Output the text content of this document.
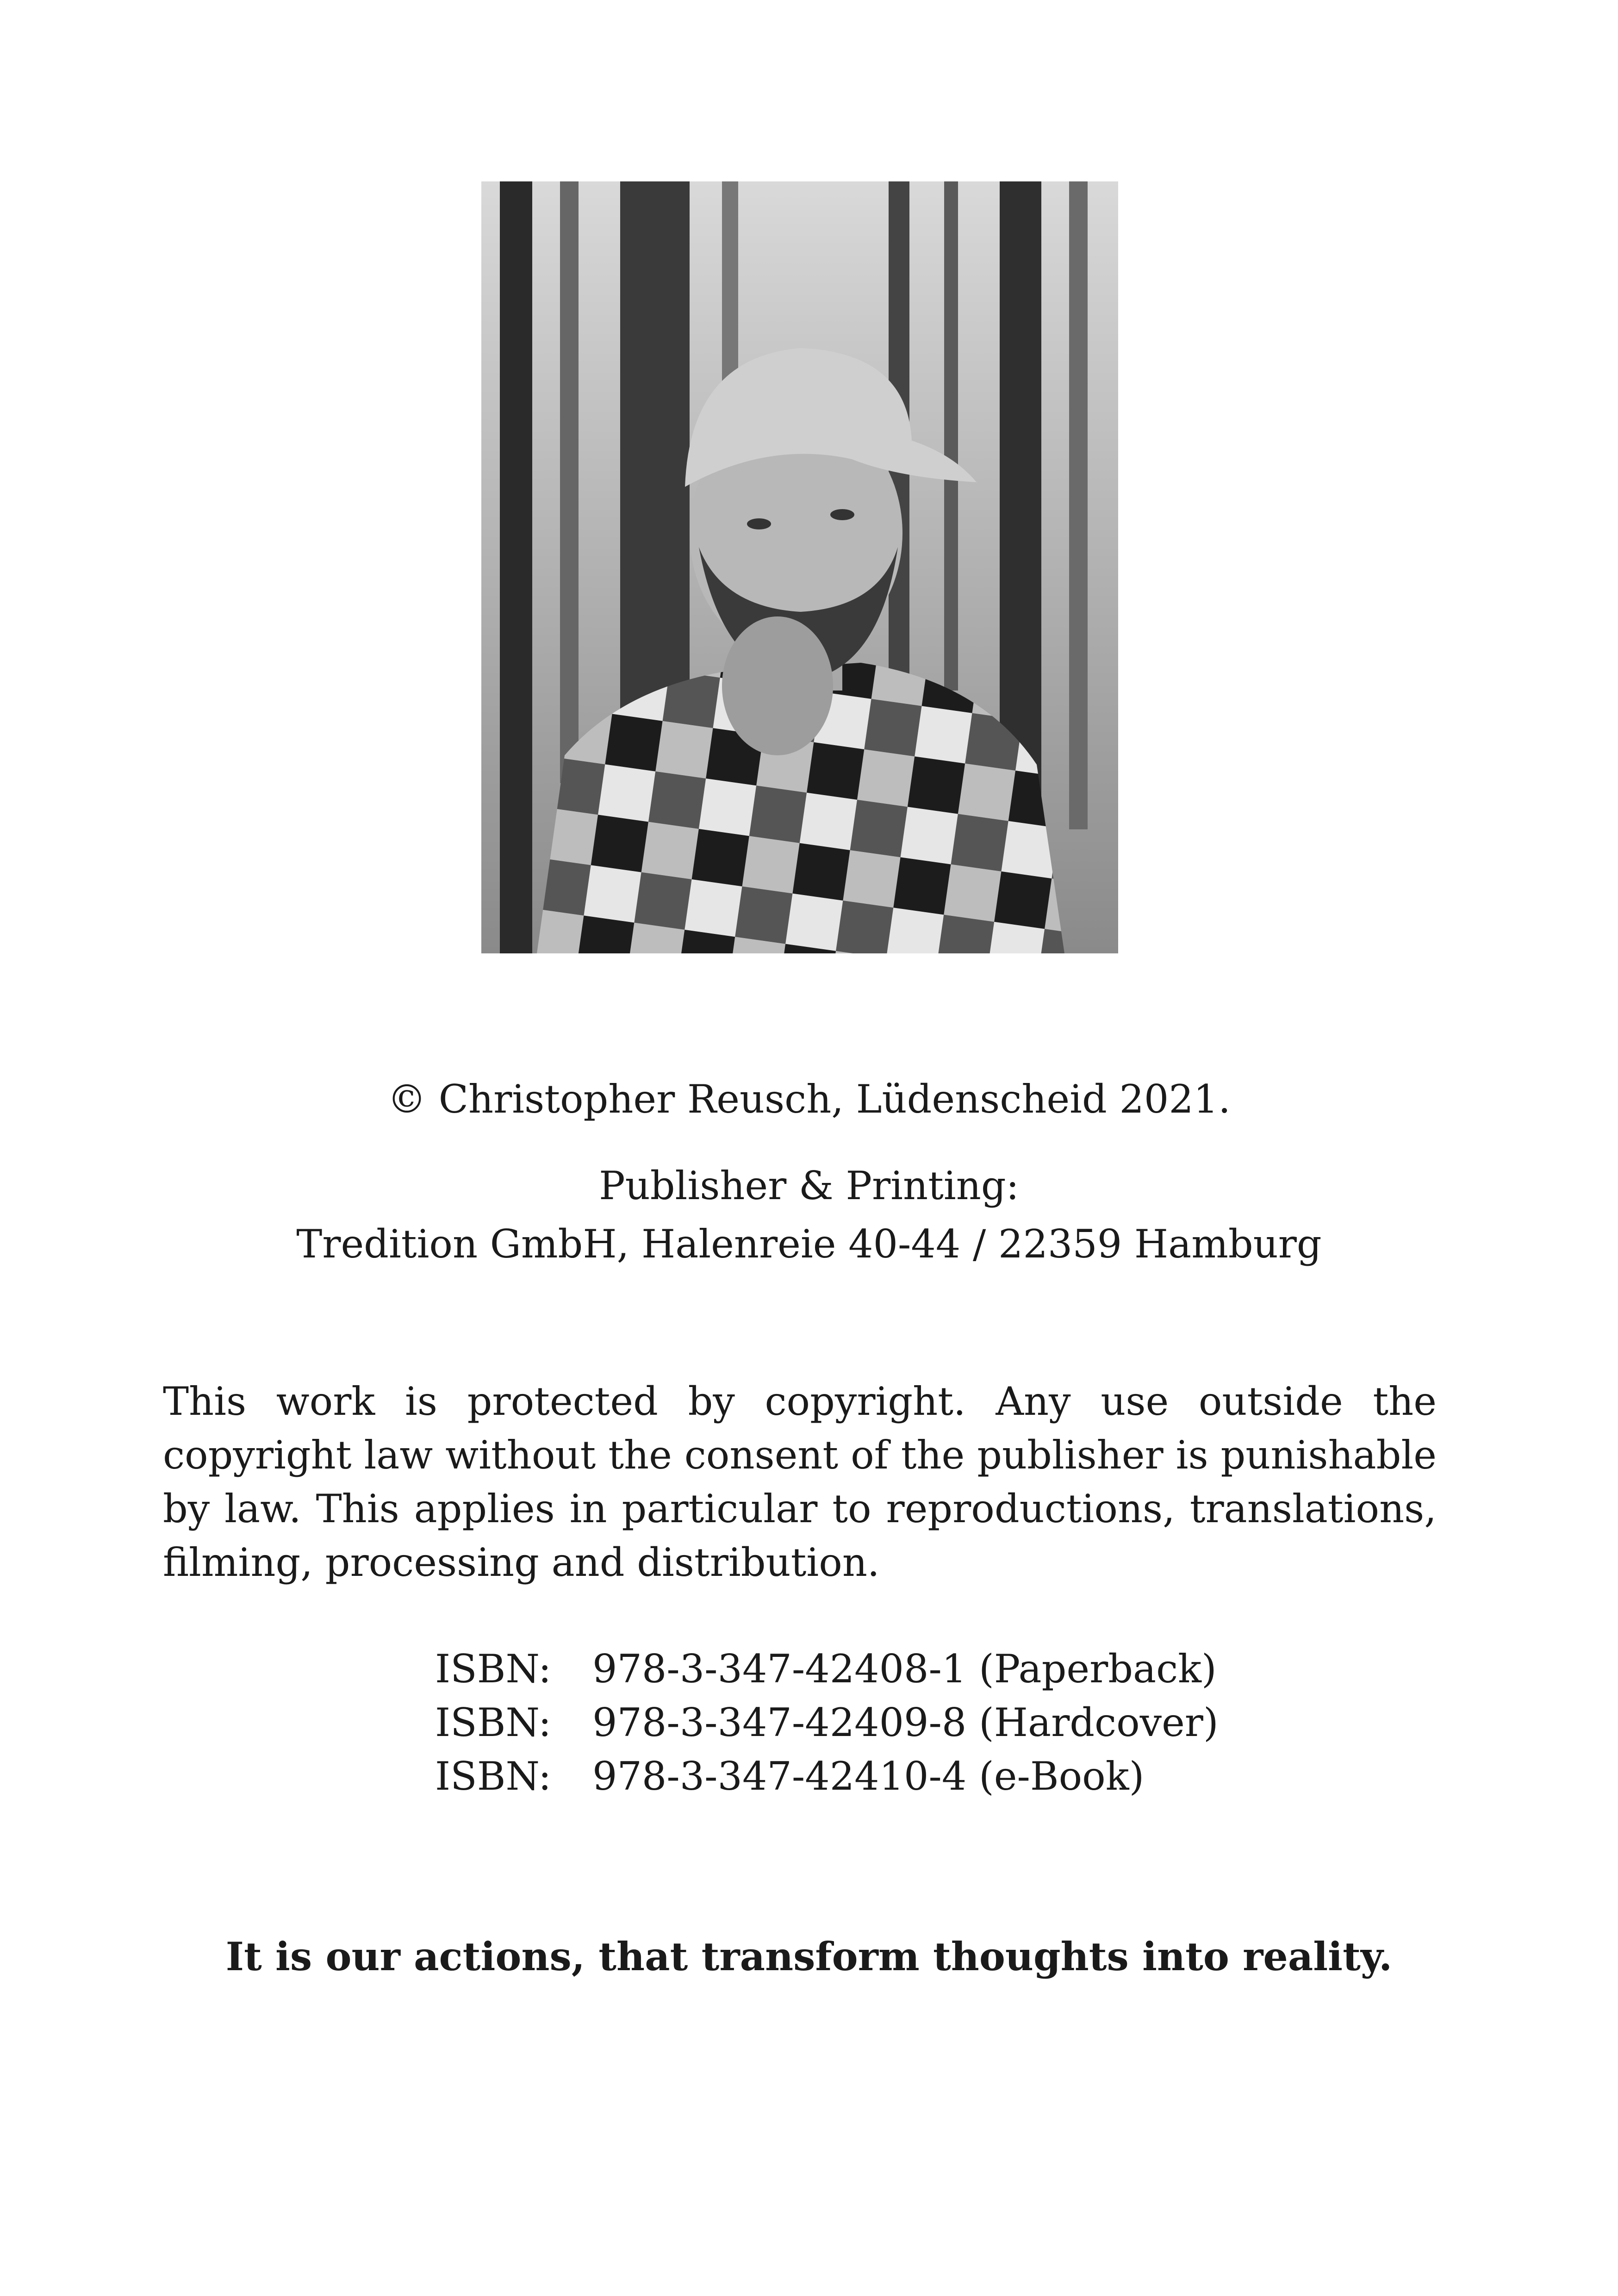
© Christopher Reusch, Lüdenscheid 2021.
Publisher & Printing:
Tredition GmbH, Halenreie 40-44 / 22359 Hamburg
This work is protected by copyright. Any use outside the copyright law without the consent of the publisher is punishable by law. This applies in particular to reproductions, translations, filming, processing and distribution.
ISBN:	978-3-347-42408-1 (Paperback)
ISBN:	978-3-347-42409-8 (Hardcover)
ISBN:	978-3-347-42410-4 (e-Book)
It is our actions, that transform thoughts into reality.
